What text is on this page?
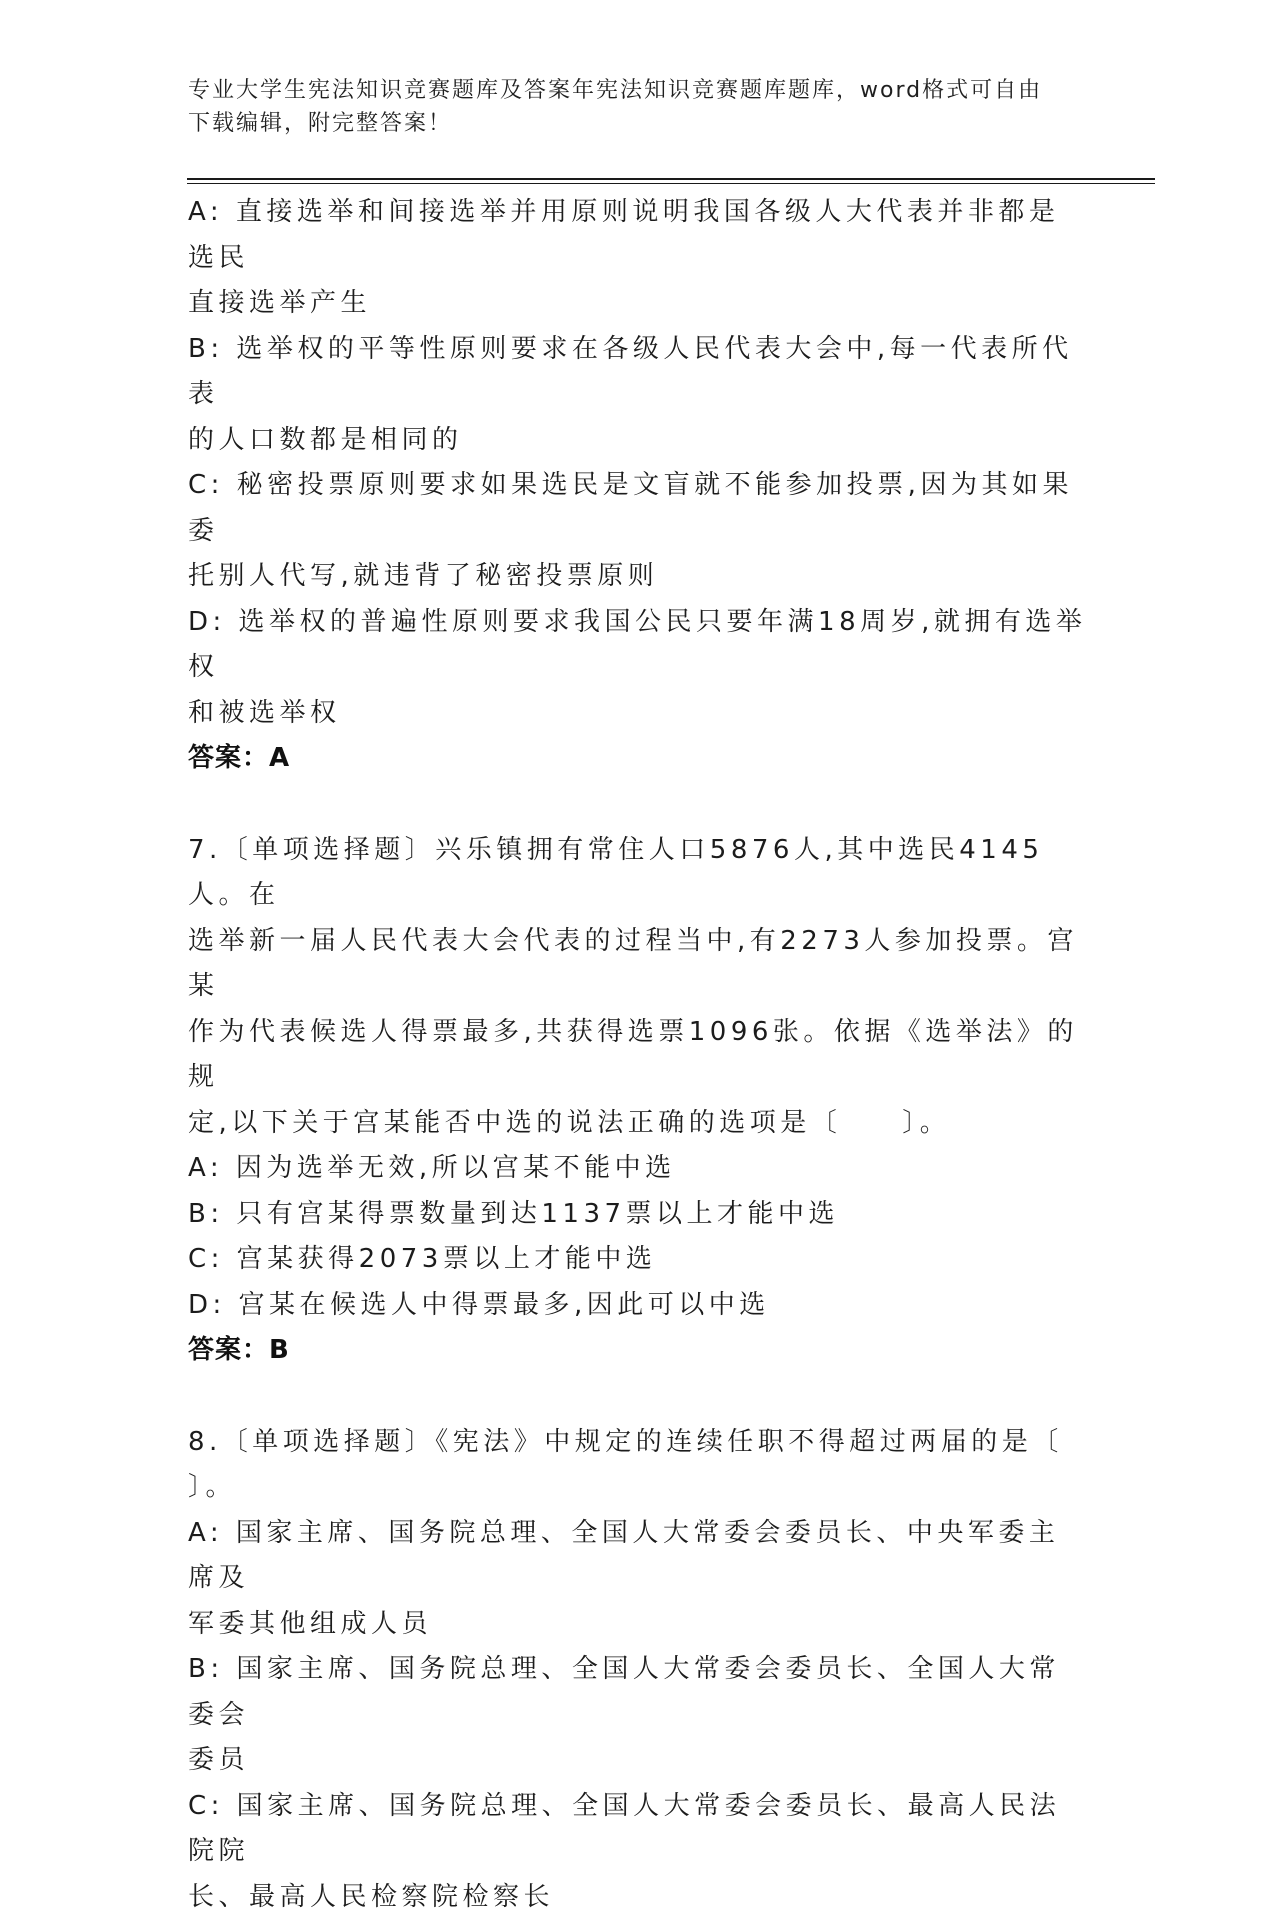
专业大学生宪法知识竞赛题库及答案年宪法知识竞赛题库题库，word格式可自由
下载编辑，附完整答案！

A: 直接选举和间接选举并用原则说明我国各级人大代表并非都是选民

直接选举产生

B: 选举权的平等性原则要求在各级人民代表大会中,每一代表所代表

的人口数都是相同的

C: 秘密投票原则要求如果选民是文盲就不能参加投票,因为其如果委

托别人代写,就违背了秘密投票原则

D: 选举权的普遍性原则要求我国公民只要年满18周岁,就拥有选举权

和被选举权

答案：A

7.〔单项选择题〕兴乐镇拥有常住人口5876人,其中选民4145人。在

选举新一届人民代表大会代表的过程当中,有2273人参加投票。宫某

作为代表候选人得票最多,共获得选票1096张。依据《选举法》的规

定,以下关于宫某能否中选的说法正确的选项是〔　　〕。

A: 因为选举无效,所以宫某不能中选

B: 只有宫某得票数量到达1137票以上才能中选

C: 宫某获得2073票以上才能中选

D: 宫某在候选人中得票最多,因此可以中选

答案：B

8.〔单项选择题〕《宪法》中规定的连续任职不得超过两届的是〔

〕。

A: 国家主席、国务院总理、全国人大常委会委员长、中央军委主席及

军委其他组成人员

B: 国家主席、国务院总理、全国人大常委会委员长、全国人大常委会

委员

C: 国家主席、国务院总理、全国人大常委会委员长、最高人民法院院

长、最高人民检察院检察长
